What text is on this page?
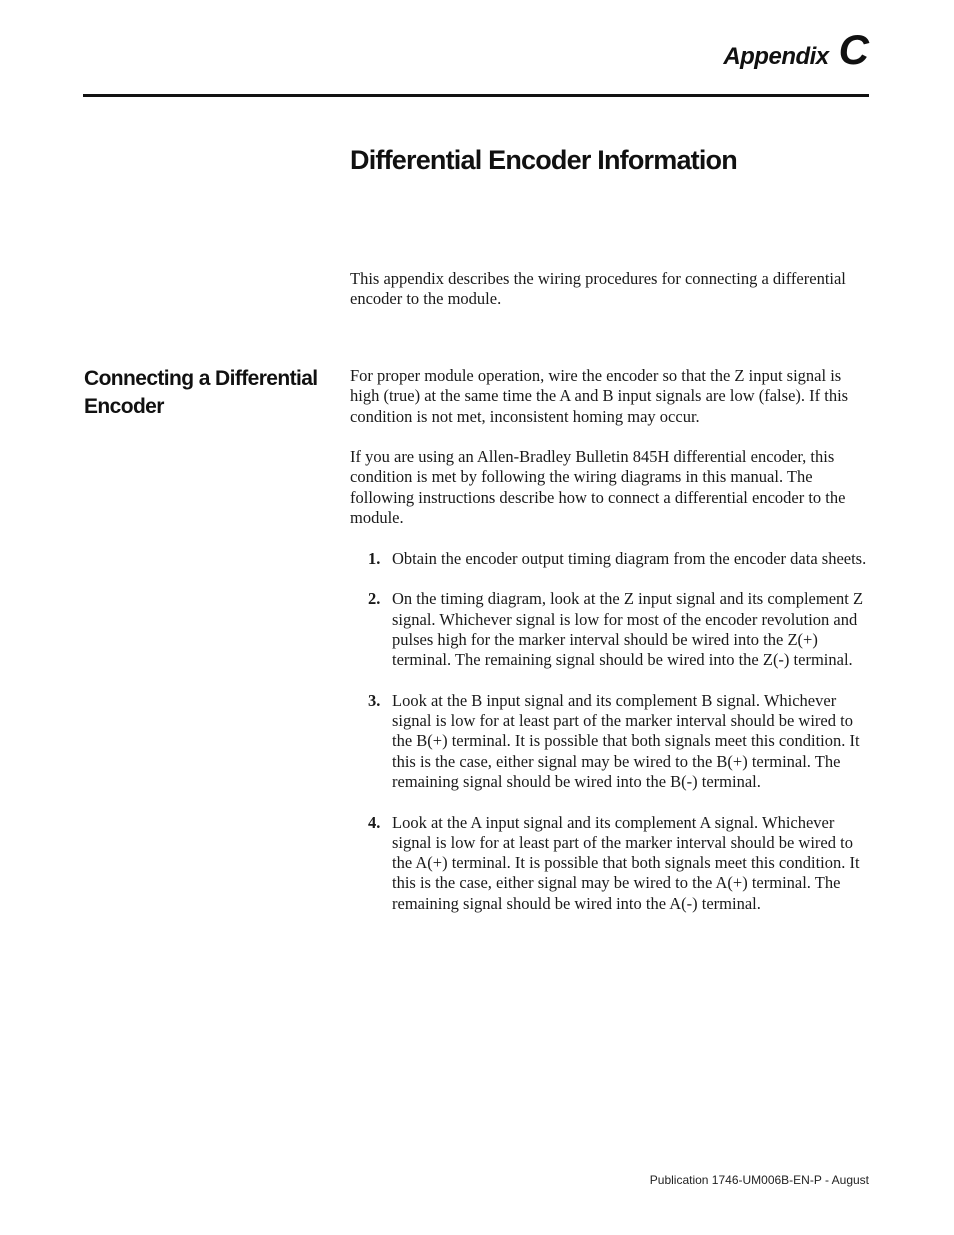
Appendix C
Differential Encoder Information

This appendix describes the wiring procedures for connecting a differential encoder to the module.

Connecting a Differential Encoder

For proper module operation, wire the encoder so that the Z input signal is high (true) at the same time the A and B input signals are low (false). If this condition is not met, inconsistent homing may occur.

If you are using an Allen-Bradley Bulletin 845H differential encoder, this condition is met by following the wiring diagrams in this manual. The following instructions describe how to connect a differential encoder to the module.

1. Obtain the encoder output timing diagram from the encoder data sheets.
2. On the timing diagram, look at the Z input signal and its complement Z signal. Whichever signal is low for most of the encoder revolution and pulses high for the marker interval should be wired into the Z(+) terminal. The remaining signal should be wired into the Z(-) terminal.
3. Look at the B input signal and its complement B signal. Whichever signal is low for at least part of the marker interval should be wired to the B(+) terminal. It is possible that both signals meet this condition. It this is the case, either signal may be wired to the B(+) terminal. The remaining signal should be wired into the B(-) terminal.
4. Look at the A input signal and its complement A signal. Whichever signal is low for at least part of the marker interval should be wired to the A(+) terminal. It is possible that both signals meet this condition. It this is the case, either signal may be wired to the A(+) terminal. The remaining signal should be wired into the A(-) terminal.
Publication 1746-UM006B-EN-P - August
